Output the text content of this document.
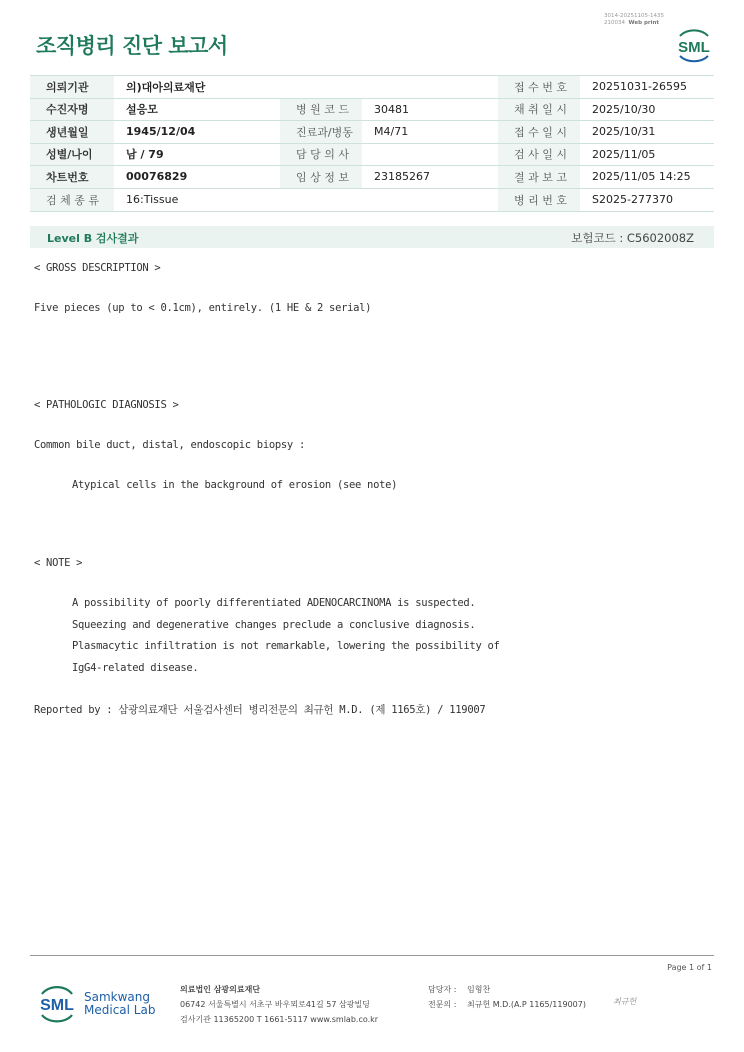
3014-20251105-1435
210034 Web print
조직병리 진단 보고서	SML
의뢰기관	의)대아의료재단			접 수 번 호	20251031-26595
수진자명	설응모	병 원 코 드	30481	채 취 일 시	2025/10/30
생년월일	1945/12/04	진료과/병동	M4/71	접 수 일 시	2025/10/31
성별/나이	남 / 79	담 당 의 사		검 사 일 시	2025/11/05
차트번호	00076829	임 상 정 보	23185267	결 과 보 고	2025/11/05 14:25
검 체 종 류	16:Tissue			병 리 번 호	S2025-277370
Level B 검사결과	보험코드 : C5602008Z
< GROSS DESCRIPTION >
Five pieces (up to < 0.1cm), entirely. (1 HE & 2 serial)
< PATHOLOGIC DIAGNOSIS >
Common bile duct, distal, endoscopic biopsy :
Atypical cells in the background of erosion (see note)
< NOTE >
A possibility of poorly differentiated ADENOCARCINOMA is suspected.
Squeezing and degenerative changes preclude a conclusive diagnosis.
Plasmacytic infiltration is not remarkable, lowering the possibility of
IgG4-related disease.
Reported by : 삼광의료재단 서울검사센터 병리전문의 최규헌 M.D. (제 1165호) / 119007
Page 1 of 1
SML Samkwang
Medical Lab
의료법인 삼광의료재단
06742 서울특별시 서초구 바우뫼로41길 57 삼광빌딩
검사기관 11365200 T 1661-5117 www.smlab.co.kr
담당자 : 임형찬
전문의 : 최규헌 M.D.(A.P 1165/119007)	최규헌
